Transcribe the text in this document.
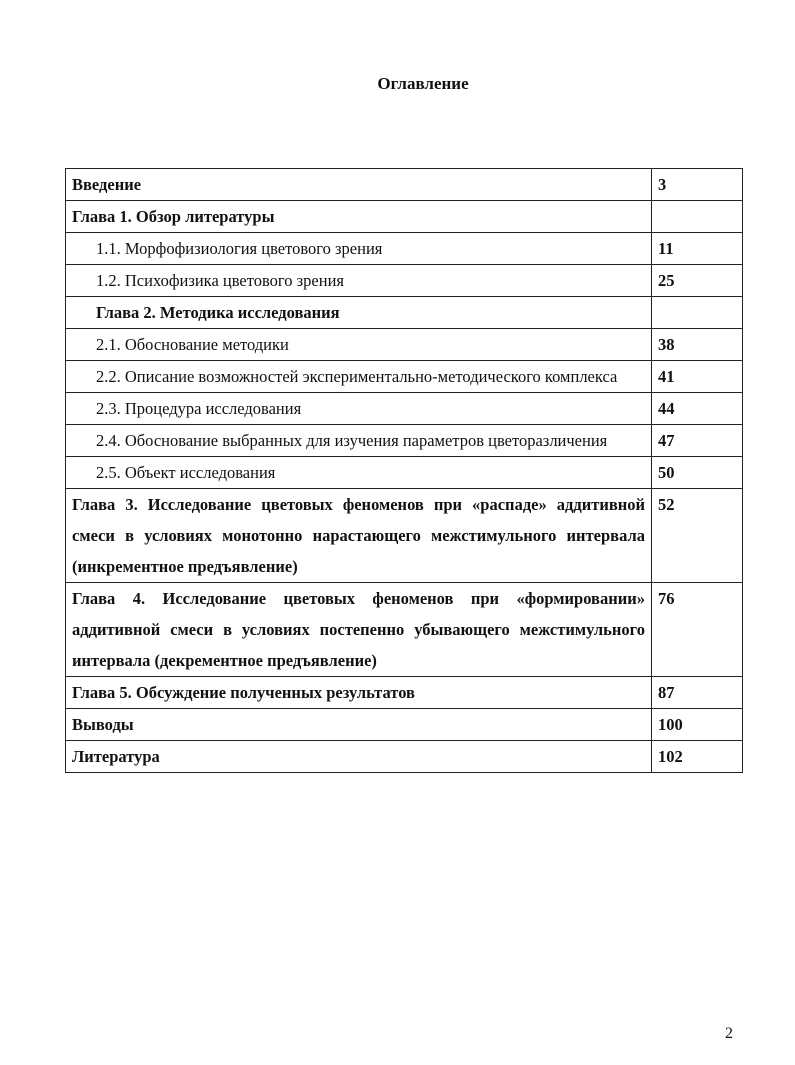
Оглавление
Введение	3
Глава 1. Обзор литературы	
1.1. Морфофизиология цветового зрения	11
1.2. Психофизика цветового зрения	25
Глава 2. Методика исследования	
2.1. Обоснование методики	38
2.2. Описание возможностей экспериментально-методического комплекса	41
2.3. Процедура исследования	44
2.4. Обоснование выбранных для изучения параметров цветоразличения	47
2.5. Объект исследования	50
Глава 3. Исследование цветовых феноменов при «распаде» аддитивной смеси в условиях монотонно нарастающего межстимульного интервала (инкрементное предъявление)	52
Глава 4. Исследование цветовых феноменов при «формировании» аддитивной смеси в условиях постепенно убывающего межстимульного интервала (декрементное предъявление)	76
Глава 5. Обсуждение полученных результатов	87
Выводы	100
Литература	102
2
